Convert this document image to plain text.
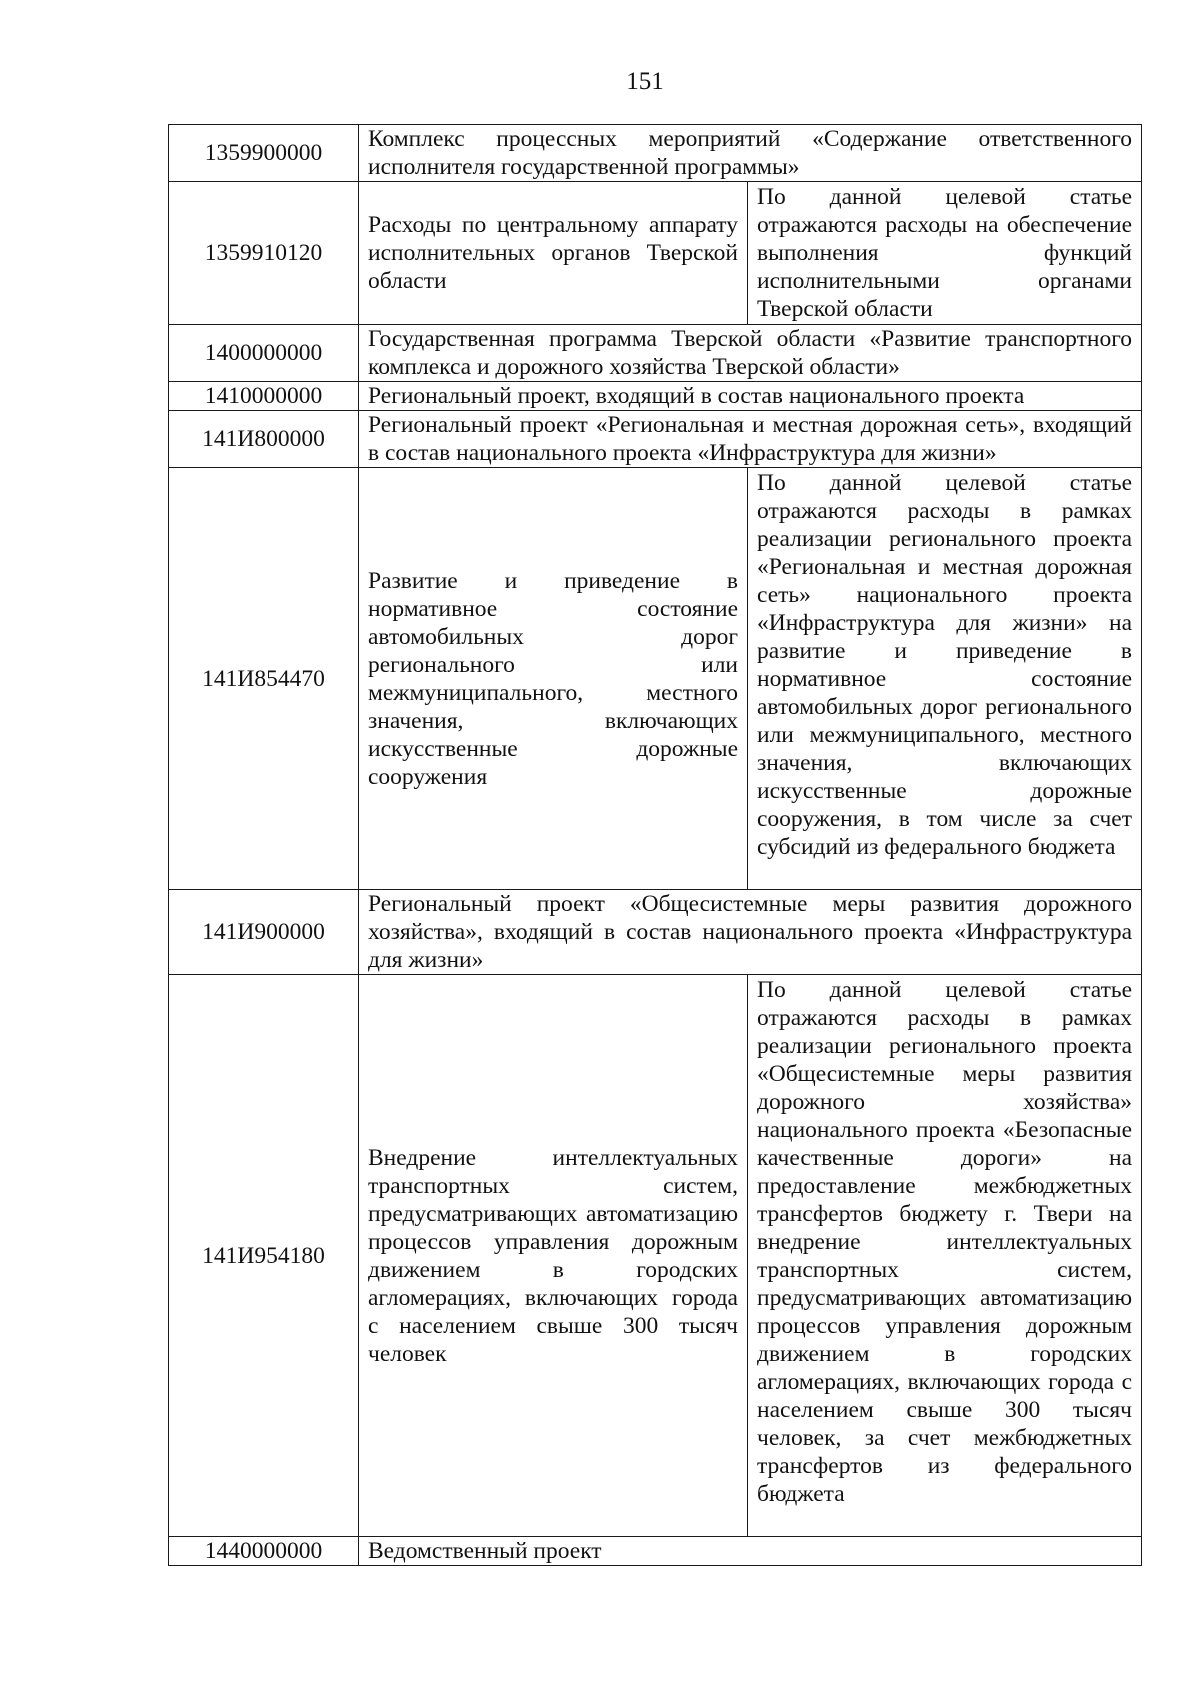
151
1359900000	Комплекс процессных мероприятий «Содержание ответственного исполнителя государственной программы»	
1359910120	Расходы по центральному аппарату исполнительных органов Тверской области	По данной целевой статье отражаются расходы на обеспечение выполнения функций исполнительными органами Тверской области
1400000000	Государственная программа Тверской области «Развитие транспортного комплекса и дорожного хозяйства Тверской области»	
1410000000	Региональный проект, входящий в состав национального проекта	
141И800000	Региональный проект «Региональная и местная дорожная сеть», входящий в состав национального проекта «Инфраструктура для жизни»	
141И854470	Развитие и приведение в нормативное состояние автомобильных дорог регионального или межмуниципального, местного значения, включающих искусственные дорожные сооружения	По данной целевой статье отражаются расходы в рамках реализации регионального проекта «Региональная и местная дорожная сеть» национального проекта «Инфраструктура для жизни» на развитие и приведение в нормативное состояние автомобильных дорог регионального или межмуниципального, местного значения, включающих искусственные дорожные сооружения, в том числе за счет субсидий из федерального бюджета
141И900000	Региональный проект «Общесистемные меры развития дорожного хозяйства», входящий в состав национального проекта «Инфраструктура для жизни»	
141И954180	Внедрение интеллектуальных транспортных систем, предусматривающих автоматизацию процессов управления дорожным движением в городских агломерациях, включающих города с населением свыше 300 тысяч человек	По данной целевой статье отражаются расходы в рамках реализации регионального проекта «Общесистемные меры развития дорожного хозяйства» национального проекта «Безопасные качественные дороги» на предоставление межбюджетных трансфертов бюджету г. Твери на внедрение интеллектуальных транспортных систем, предусматривающих автоматизацию процессов управления дорожным движением в городских агломерациях, включающих города с населением свыше 300 тысяч человек, за счет межбюджетных трансфертов из федерального бюджета
1440000000	Ведомственный проект	
